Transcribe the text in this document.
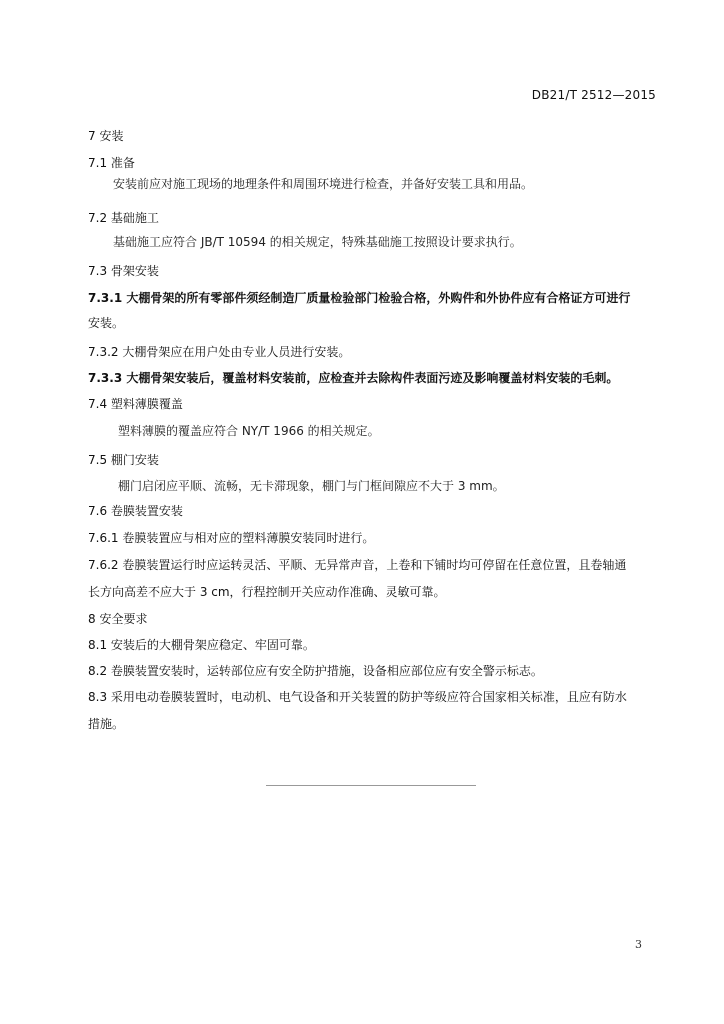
DB21/T 2512—2015
7 安装
7.1 准备
安装前应对施工现场的地理条件和周围环境进行检查，并备好安装工具和用品。
7.2 基础施工
基础施工应符合 JB/T 10594 的相关规定，特殊基础施工按照设计要求执行。
7.3 骨架安装
7.3.1 大棚骨架的所有零部件须经制造厂质量检验部门检验合格，外购件和外协件应有合格证方可进行
安装。
7.3.2 大棚骨架应在用户处由专业人员进行安装。
7.3.3 大棚骨架安装后，覆盖材料安装前，应检查并去除构件表面污迹及影响覆盖材料安装的毛刺。
7.4 塑料薄膜覆盖
塑料薄膜的覆盖应符合 NY/T 1966 的相关规定。
7.5 棚门安装
棚门启闭应平顺、流畅，无卡滞现象，棚门与门框间隙应不大于 3 mm。
7.6 卷膜装置安装
7.6.1 卷膜装置应与相对应的塑料薄膜安装同时进行。
7.6.2 卷膜装置运行时应运转灵活、平顺、无异常声音，上卷和下铺时均可停留在任意位置，且卷轴通
长方向高差不应大于 3 cm，行程控制开关应动作准确、灵敏可靠。
8 安全要求
8.1 安装后的大棚骨架应稳定、牢固可靠。
8.2 卷膜装置安装时，运转部位应有安全防护措施，设备相应部位应有安全警示标志。
8.3 采用电动卷膜装置时，电动机、电气设备和开关装置的防护等级应符合国家相关标准，且应有防水
措施。
3
